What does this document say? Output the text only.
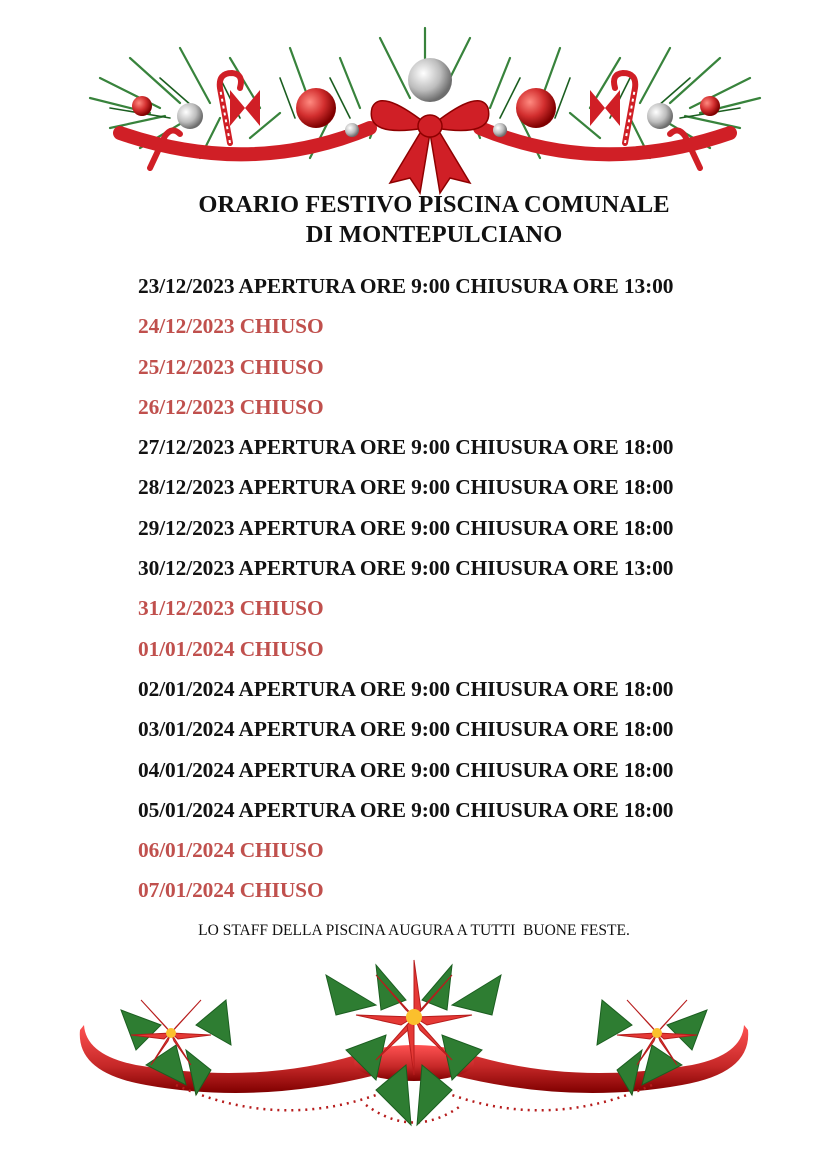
ORARIO FESTIVO PISCINA COMUNALE
DI MONTEPULCIANO
23/12/2023 APERTURA ORE 9:00 CHIUSURA ORE 13:00
24/12/2023 CHIUSO
25/12/2023 CHIUSO
26/12/2023 CHIUSO
27/12/2023 APERTURA ORE 9:00 CHIUSURA ORE 18:00
28/12/2023 APERTURA ORE 9:00 CHIUSURA ORE 18:00
29/12/2023 APERTURA ORE 9:00 CHIUSURA ORE 18:00
30/12/2023 APERTURA ORE 9:00 CHIUSURA ORE 13:00
31/12/2023 CHIUSO
01/01/2024 CHIUSO
02/01/2024 APERTURA ORE 9:00 CHIUSURA ORE 18:00
03/01/2024 APERTURA ORE 9:00 CHIUSURA ORE 18:00
04/01/2024 APERTURA ORE 9:00 CHIUSURA ORE 18:00
05/01/2024 APERTURA ORE 9:00 CHIUSURA ORE 18:00
06/01/2024 CHIUSO
07/01/2024 CHIUSO
LO STAFF DELLA PISCINA AUGURA A TUTTI  BUONE FESTE.
